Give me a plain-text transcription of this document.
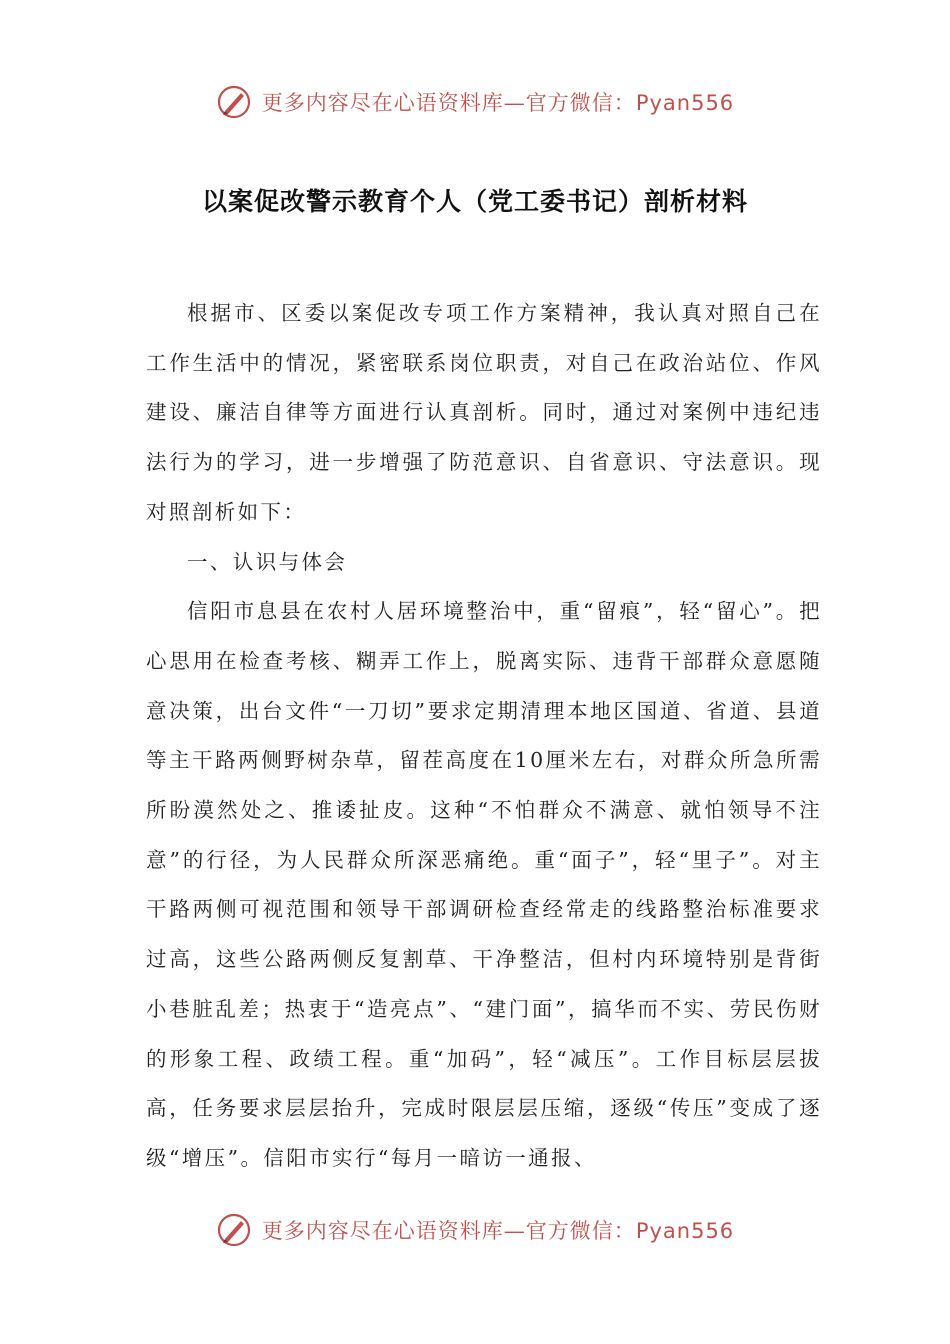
更多内容尽在心语资料库—官方微信：Pyan556
以案促改警示教育个人（党工委书记）剖析材料

根据市、区委以案促改专项工作方案精神，我认真对照自己在工作生活中的情况，紧密联系岗位职责，对自己在政治站位、作风建设、廉洁自律等方面进行认真剖析。同时，通过对案例中违纪违法行为的学习，进一步增强了防范意识、自省意识、守法意识。现对照剖析如下：

一、认识与体会

信阳市息县在农村人居环境整治中，重“留痕”，轻“留心”。把心思用在检查考核、糊弄工作上，脱离实际、违背干部群众意愿随意决策，出台文件“一刀切”要求定期清理本地区国道、省道、县道等主干路两侧野树杂草，留茬高度在10厘米左右，对群众所急所需所盼漠然处之、推诿扯皮。这种“不怕群众不满意、就怕领导不注意”的行径，为人民群众所深恶痛绝。重“面子”，轻“里子”。对主干路两侧可视范围和领导干部调研检查经常走的线路整治标准要求过高，这些公路两侧反复割草、干净整洁，但村内环境特别是背街小巷脏乱差；热衷于“造亮点”、“建门面”，搞华而不实、劳民伤财的形象工程、政绩工程。重“加码”，轻“减压”。工作目标层层拔高，任务要求层层抬升，完成时限层层压缩，逐级“传压”变成了逐级“增压”。信阳市实行“每月一暗访一通报、

更多内容尽在心语资料库—官方微信：Pyan556
